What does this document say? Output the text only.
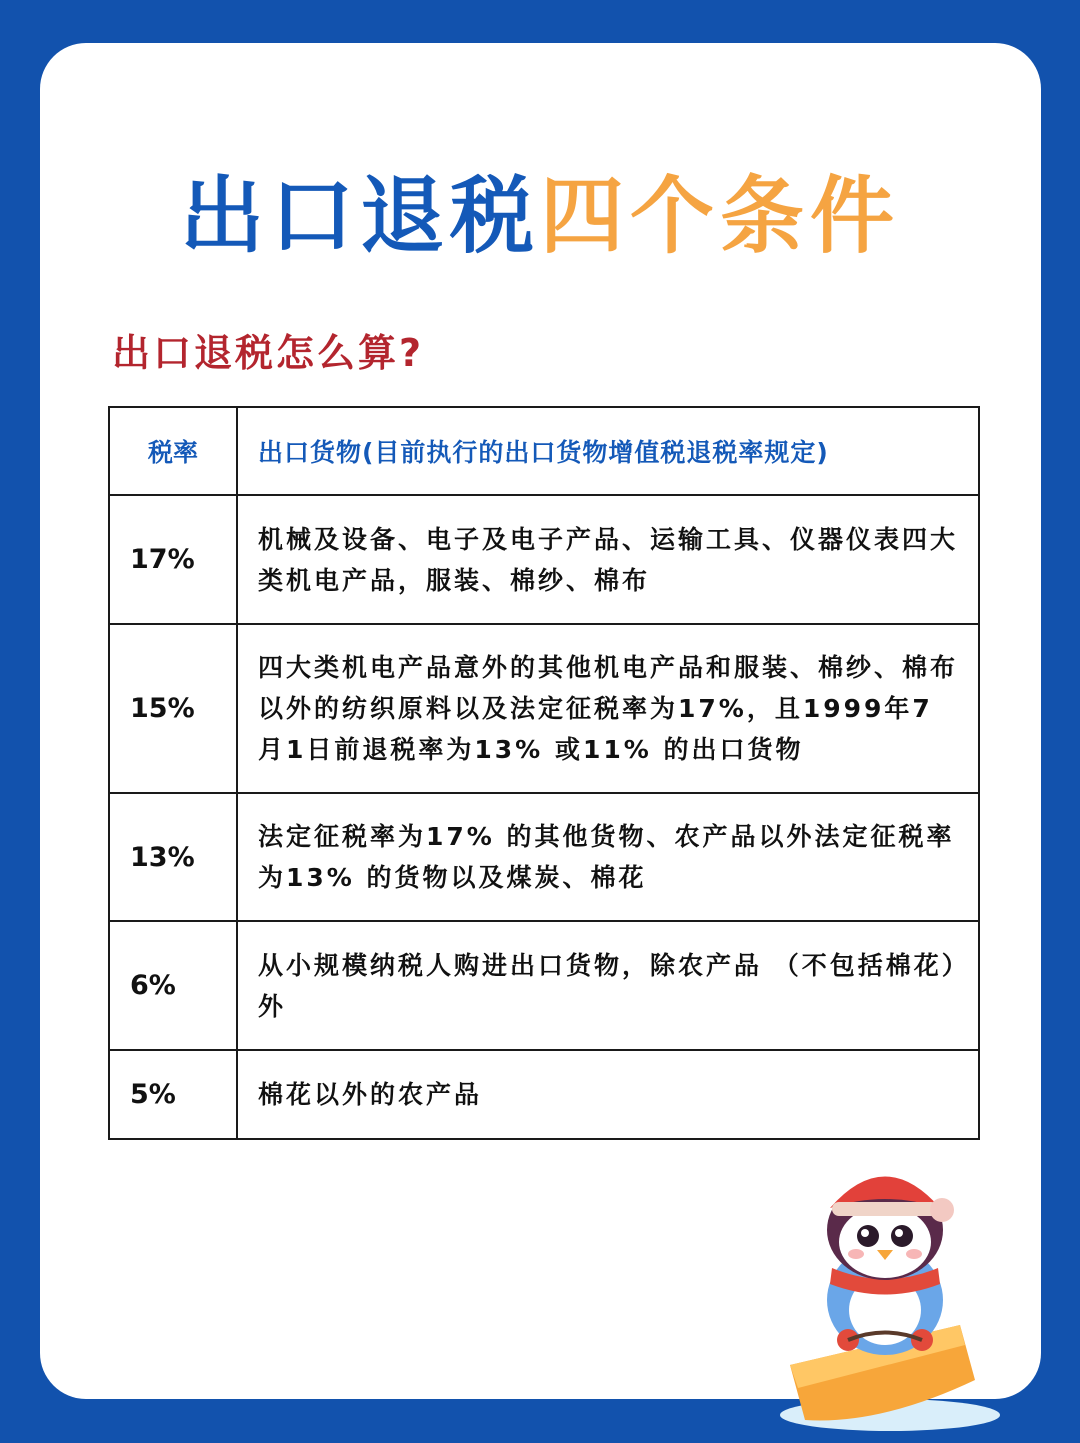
出口退税四个条件
出口退税怎么算?
税率	出口货物(目前执行的出口货物增值税退税率规定)
17%	机械及设备、电子及电子产品、运输工具、仪器仪表四大类机电产品，服装、棉纱、棉布
15%	四大类机电产品意外的其他机电产品和服装、棉纱、棉布以外的纺织原料以及法定征税率为17%，且1999年7 月1日前退税率为13% 或11% 的出口货物
13%	法定征税率为17% 的其他货物、农产品以外法定征税率为13% 的货物以及煤炭、棉花
6%	从小规模纳税人购进出口货物，除农产品 （不包括棉花）外
5%	棉花以外的农产品
